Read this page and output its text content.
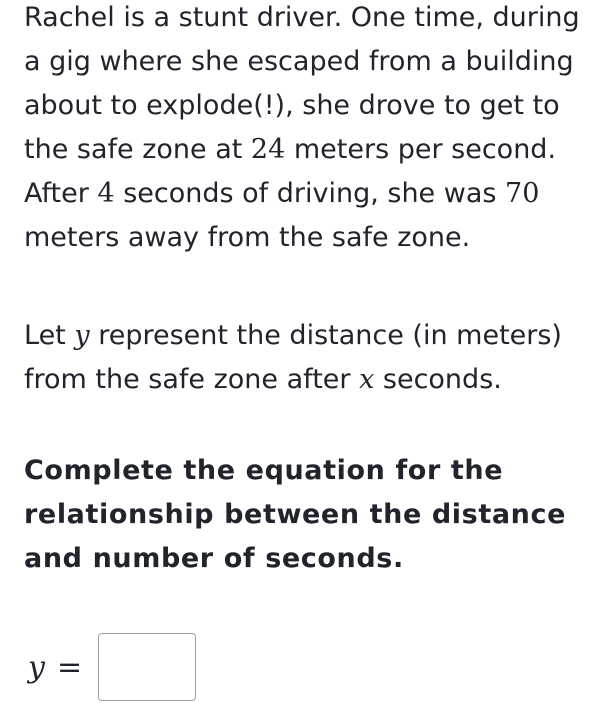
Rachel is a stunt driver. One time, during a gig where she escaped from a building about to explode(!), she drove to get to the safe zone at 24 meters per second. After 4 seconds of driving, she was 70 meters away from the safe zone.

Let y represent the distance (in meters) from the safe zone after x seconds.

Complete the equation for the relationship between the distance and number of seconds.

y =
